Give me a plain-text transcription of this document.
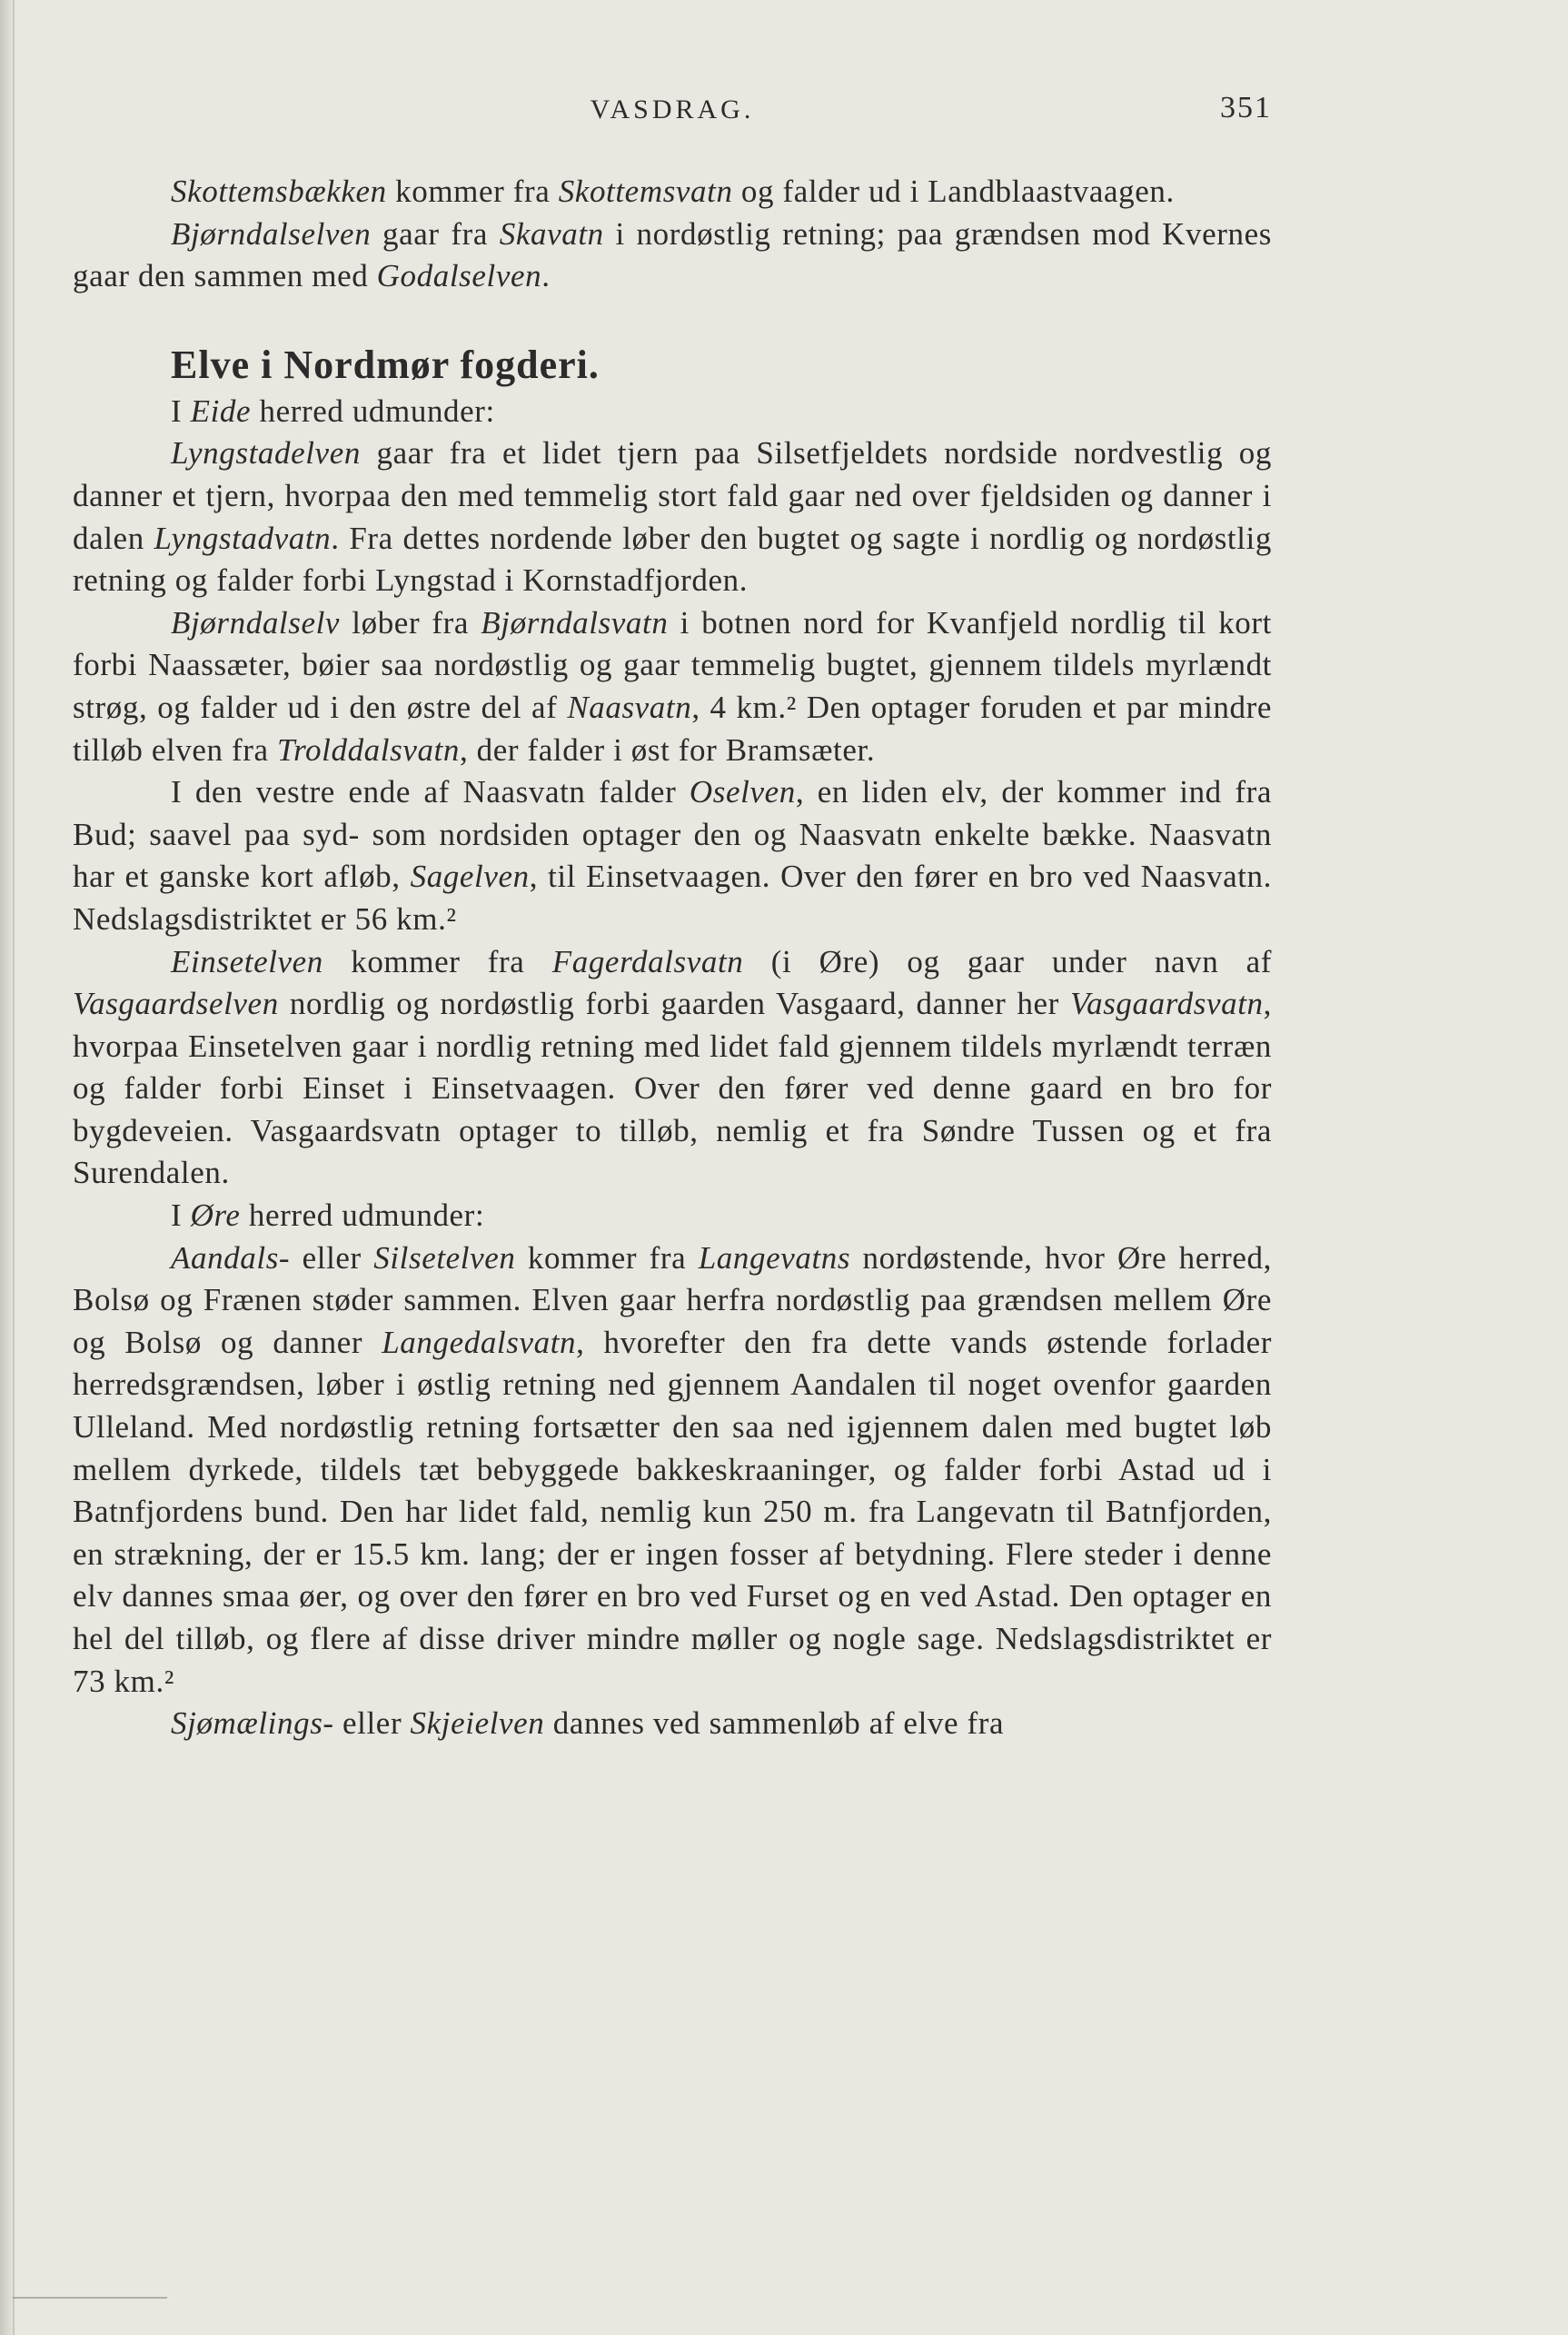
VASDRAG.	351

Skottemsbækken kommer fra Skottemsvatn og falder ud i Landblaastvaagen.

Bjørndalselven gaar fra Skavatn i nordøstlig retning; paa grændsen mod Kvernes gaar den sammen med Godalselven.

Elve i Nordmør fogderi.

I Eide herred udmunder:

Lyngstadelven gaar fra et lidet tjern paa Silsetfjeldets nordside nordvestlig og danner et tjern, hvorpaa den med temmelig stort fald gaar ned over fjeldsiden og danner i dalen Lyngstadvatn. Fra dettes nordende løber den bugtet og sagte i nordlig og nordøstlig retning og falder forbi Lyngstad i Kornstadfjorden.

Bjørndalselv løber fra Bjørndalsvatn i botnen nord for Kvanfjeld nordlig til kort forbi Naassæter, bøier saa nordøstlig og gaar temmelig bugtet, gjennem tildels myrlændt strøg, og falder ud i den østre del af Naasvatn, 4 km.² Den optager foruden et par mindre tilløb elven fra Trolddalsvatn, der falder i øst for Bramsæter.

I den vestre ende af Naasvatn falder Oselven, en liden elv, der kommer ind fra Bud; saavel paa syd- som nordsiden optager den og Naasvatn enkelte bække. Naasvatn har et ganske kort afløb, Sagelven, til Einsetvaagen. Over den fører en bro ved Naasvatn. Nedslagsdistriktet er 56 km.²

Einsetelven kommer fra Fagerdalsvatn (i Øre) og gaar under navn af Vasgaardselven nordlig og nordøstlig forbi gaarden Vasgaard, danner her Vasgaardsvatn, hvorpaa Einsetelven gaar i nordlig retning med lidet fald gjennem tildels myrlændt terræn og falder forbi Einset i Einsetvaagen. Over den fører ved denne gaard en bro for bygdeveien. Vasgaardsvatn optager to tilløb, nemlig et fra Søndre Tussen og et fra Surendalen.

I Øre herred udmunder:

Aandals- eller Silsetelven kommer fra Langevatns nordøstende, hvor Øre herred, Bolsø og Frænen støder sammen. Elven gaar herfra nordøstlig paa grændsen mellem Øre og Bolsø og danner Langedalsvatn, hvorefter den fra dette vands østende forlader herredsgrændsen, løber i østlig retning ned gjennem Aandalen til noget ovenfor gaarden Ulleland. Med nordøstlig retning fortsætter den saa ned igjennem dalen med bugtet løb mellem dyrkede, tildels tæt bebyggede bakkeskraaninger, og falder forbi Astad ud i Batnfjordens bund. Den har lidet fald, nemlig kun 250 m. fra Langevatn til Batnfjorden, en strækning, der er 15.5 km. lang; der er ingen fosser af betydning. Flere steder i denne elv dannes smaa øer, og over den fører en bro ved Furset og en ved Astad. Den optager en hel del tilløb, og flere af disse driver mindre møller og nogle sage. Nedslagsdistriktet er 73 km.²

Sjømælings- eller Skjeielven dannes ved sammenløb af elve fra
